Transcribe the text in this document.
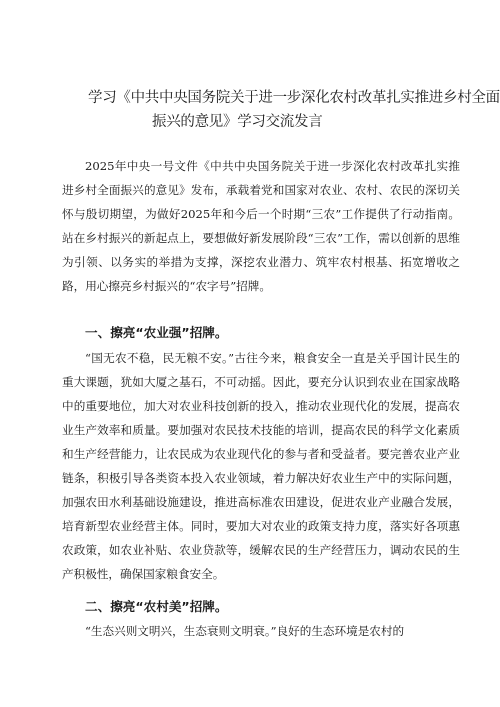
学习《中共中央国务院关于进一步深化农村改革扎实推进乡村全面
振兴的意见》学习交流发言

2025年中央一号文件《中共中央国务院关于进一步深化农村改革扎实推进乡村全面振兴的意见》发布，承载着党和国家对农业、农村、农民的深切关怀与殷切期望，为做好2025年和今后一个时期“三农”工作提供了行动指南。站在乡村振兴的新起点上，要想做好新发展阶段“三农”工作，需以创新的思维为引领、以务实的举措为支撑，深挖农业潜力、筑牢农村根基、拓宽增收之路，用心擦亮乡村振兴的“农字号”招牌。

一、擦亮“农业强”招牌。

“国无农不稳，民无粮不安。”古往今来，粮食安全一直是关乎国计民生的重大课题，犹如大厦之基石，不可动摇。因此，要充分认识到农业在国家战略中的重要地位，加大对农业科技创新的投入，推动农业现代化的发展，提高农业生产效率和质量。要加强对农民技术技能的培训，提高农民的科学文化素质和生产经营能力，让农民成为农业现代化的参与者和受益者。要完善农业产业链条，积极引导各类资本投入农业领域，着力解决好农业生产中的实际问题，加强农田水利基础设施建设，推进高标准农田建设，促进农业产业融合发展，培育新型农业经营主体。同时，要加大对农业的政策支持力度，落实好各项惠农政策，如农业补贴、农业贷款等，缓解农民的生产经营压力，调动农民的生产积极性，确保国家粮食安全。

二、擦亮“农村美”招牌。

“生态兴则文明兴，生态衰则文明衰。”良好的生态环境是农村的
